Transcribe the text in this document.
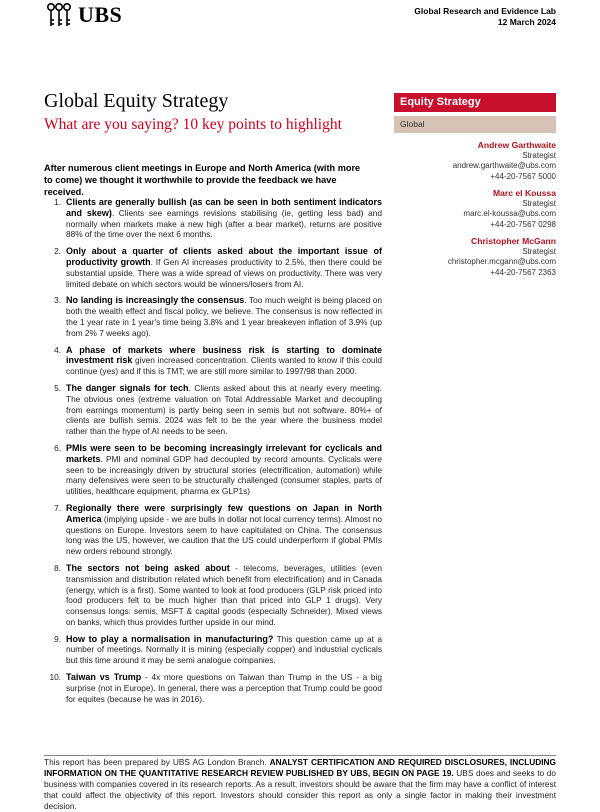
UBS	Global Research and Evidence Lab
12 March 2024
Global Equity Strategy
What are you saying? 10 key points to highlight
Equity Strategy
Global
Andrew Garthwaite
Strategist
andrew.garthwaite@ubs.com
+44-20-7567 5000
Marc el Koussa
Strategist
marc.el-koussa@ubs.com
+44-20-7567 0298
Christopher McGann
Strategist
christopher.mcgann@ubs.com
+44-20-7567 2363
After numerous client meetings in Europe and North America (with more to come) we thought it worthwhile to provide the feedback we have received.
1. Clients are generally bullish (as can be seen in both sentiment indicators and skew). Clients see earnings revisions stabilising (ie, getting less bad) and normally when markets make a new high (after a bear market), returns are positive 88% of the time over the next 6 months.
2. Only about a quarter of clients asked about the important issue of productivity growth. If Gen AI increases productivity to 2.5%, then there could be substantial upside. There was a wide spread of views on productivity. There was very limited debate on which sectors would be winners/losers from AI.
3. No landing is increasingly the consensus. Too much weight is being placed on both the wealth effect and fiscal policy, we believe. The consensus is now reflected in the 1 year rate in 1 year's time being 3.8% and 1 year breakeven inflation of 3.9% (up from 2% 7 weeks ago).
4. A phase of markets where business risk is starting to dominate investment risk given increased concentration. Clients wanted to know if this could continue (yes) and if this is TMT; we are still more similar to 1997/98 than 2000.
5. The danger signals for tech. Clients asked about this at nearly every meeting. The obvious ones (extreme valuation on Total Addressable Market and decoupling from earnings momentum) is partly being seen in semis but not software. 80%+ of clients are bullish semis. 2024 was felt to be the year where the business model rather than the hype of AI needs to be seen.
6. PMIs were seen to be becoming increasingly irrelevant for cyclicals and markets. PMI and nominal GDP had decoupled by record amounts. Cyclicals were seen to be increasingly driven by structural stories (electrification, automation) while many defensives were seen to be structurally challenged (consumer staples, parts of utilities, healthcare equipment, pharma ex GLP1s)
7. Regionally there were surprisingly few questions on Japan in North America (implying upside - we are bulls in dollar not local currency terms). Almost no questions on Europe. Investors seem to have capitulated on China. The consensus long was the US, however, we caution that the US could underperform if global PMIs new orders rebound strongly.
8. The sectors not being asked about - telecoms, beverages, utilities (even transmission and distribution related which benefit from electrification) and in Canada (energy, which is a first). Some wanted to look at food producers (GLP risk priced into food producers felt to be much higher than that priced into GLP 1 drugs). Very consensus longs: semis, MSFT & capital goods (especially Schneider). Mixed views on banks, which thus provides further upside in our mind.
9. How to play a normalisation in manufacturing? This question came up at a number of meetings. Normally it is mining (especially copper) and industrial cyclicals but this time around it may be semi analogue companies.
10. Taiwan vs Trump - 4x more questions on Taiwan than Trump in the US - a big surprise (not in Europe). In general, there was a perception that Trump could be good for equites (because he was in 2016).
This report has been prepared by UBS AG London Branch. ANALYST CERTIFICATION AND REQUIRED DISCLOSURES, INCLUDING INFORMATION ON THE QUANTITATIVE RESEARCH REVIEW PUBLISHED BY UBS, BEGIN ON PAGE 19. UBS does and seeks to do business with companies covered in its research reports. As a result, investors should be aware that the firm may have a conflict of interest that could affect the objectivity of this report. Investors should consider this report as only a single factor in making their investment decision.
